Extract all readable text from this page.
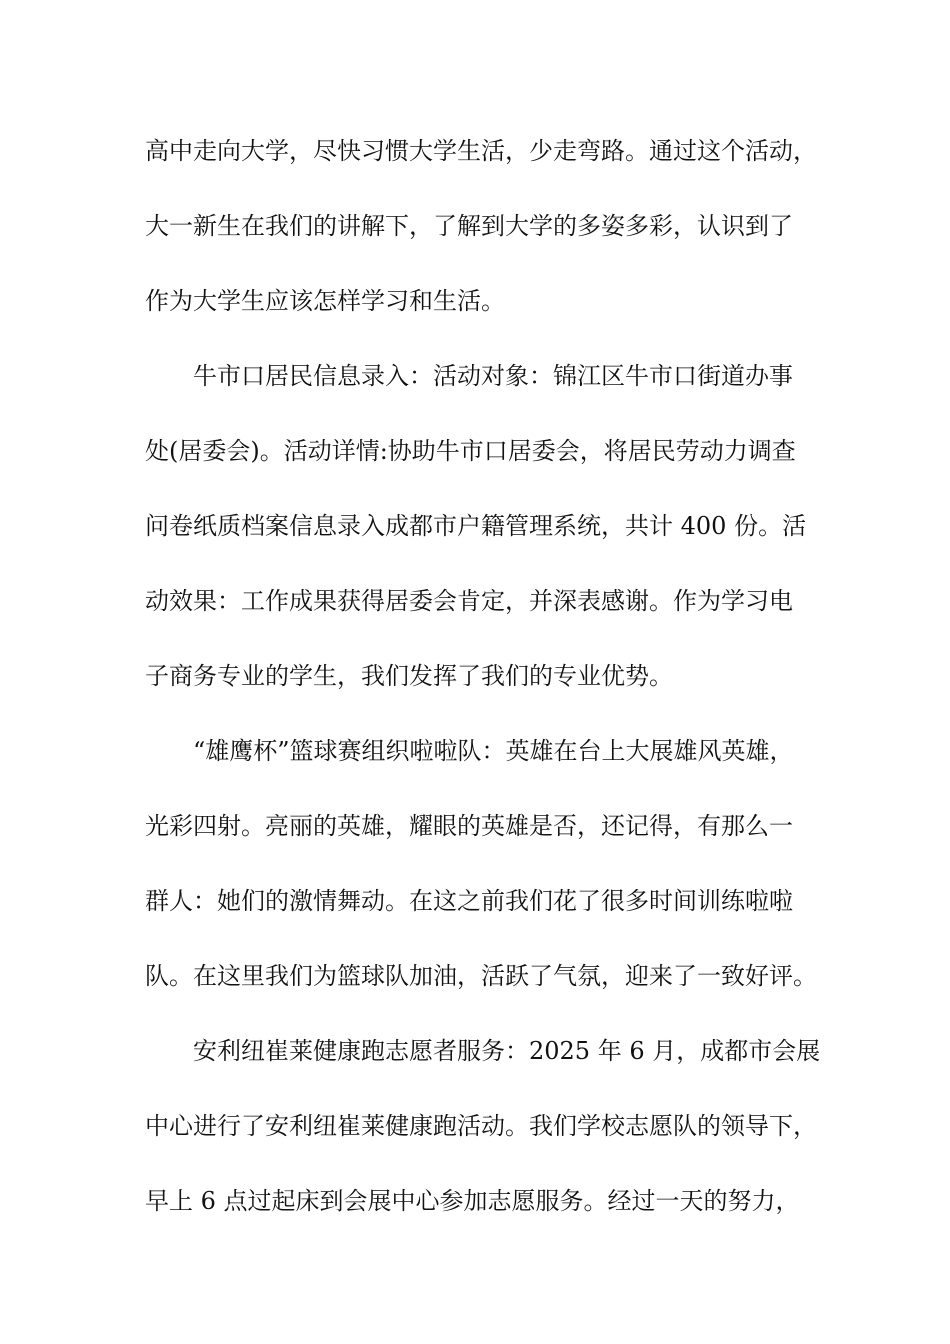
高中走向大学，尽快习惯大学生活，少走弯路。通过这个活动，
大一新生在我们的讲解下，了解到大学的多姿多彩，认识到了
作为大学生应该怎样学习和生活。
牛市口居民信息录入：活动对象：锦江区牛市口街道办事
处(居委会)。活动详情:协助牛市口居委会，将居民劳动力调查
问卷纸质档案信息录入成都市户籍管理系统，共计 400 份。活
动效果：工作成果获得居委会肯定，并深表感谢。作为学习电
子商务专业的学生，我们发挥了我们的专业优势。
“雄鹰杯”篮球赛组织啦啦队：英雄在台上大展雄风英雄，
光彩四射。亮丽的英雄，耀眼的英雄是否，还记得，有那么一
群人：她们的激情舞动。在这之前我们花了很多时间训练啦啦
队。在这里我们为篮球队加油，活跃了气氛，迎来了一致好评。
安利纽崔莱健康跑志愿者服务：2025 年 6 月，成都市会展
中心进行了安利纽崔莱健康跑活动。我们学校志愿队的领导下，
早上 6 点过起床到会展中心参加志愿服务。经过一天的努力，
